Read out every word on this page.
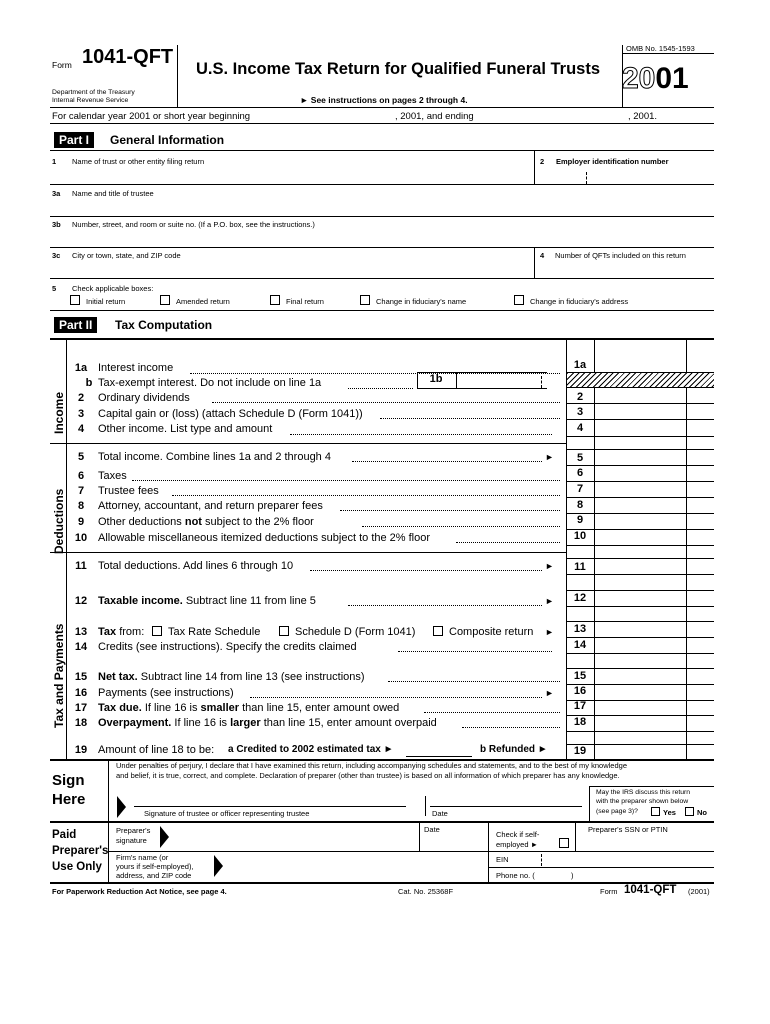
Form 1041-QFT
Department of the Treasury
Internal Revenue Service
U.S. Income Tax Return for Qualified Funeral Trusts
► See instructions on pages 2 through 4.
OMB No. 1545-1593
2001
For calendar year 2001 or short year beginning	, 2001, and ending	, 2001.
Part I	General Information
1 Name of trust or other entity filing return	2 Employer identification number
3a Name and title of trustee
3b Number, street, and room or suite no. (If a P.O. box, see the instructions.)
3c City or town, state, and ZIP code	4 Number of QFTs included on this return
5 Check applicable boxes:
Initial return	Amended return	Final return	Change in fiduciary's name	Change in fiduciary's address
Part II	Tax Computation
Income
Deductions
Tax and Payments
1a Interest income	1a
b Tax-exempt interest. Do not include on line 1a	1b
2	Ordinary dividends	2
3	Capital gain or (loss) (attach Schedule D (Form 1041))	3
4	Other income. List type and amount	4
5	Total income. Combine lines 1a and 2 through 4	►	5
6	Taxes	6
7	Trustee fees	7
8	Attorney, accountant, and return preparer fees	8
9	Other deductions not subject to the 2% floor	9
10 Allowable miscellaneous itemized deductions subject to the 2% floor	10
11	Total deductions. Add lines 6 through 10	►	11
12 Taxable income. Subtract line 11 from line 5	►	12
13 Tax from: Tax Rate Schedule	Schedule D (Form 1041)	Composite return ►	13
14 Credits (see instructions). Specify the credits claimed	14
15 Net tax. Subtract line 14 from line 13 (see instructions)	15
16 Payments (see instructions)	►	16
17 Tax due. If line 16 is smaller than line 15, enter amount owed	17
18 Overpayment. If line 16 is larger than line 15, enter amount overpaid	18
19 Amount of line 18 to be: a Credited to 2002 estimated tax ►	b Refunded ►	19
Sign
Here
Under penalties of perjury, I declare that I have examined this return, including accompanying schedules and statements, and to the best of my knowledge
and belief, it is true, correct, and complete. Declaration of preparer (other than trustee) is based on all information of which preparer has any knowledge.
Signature of trustee or officer representing trustee	Date
May the IRS discuss this return
with the preparer shown below
(see page 3)?	Yes	No
Paid
Preparer's
Use Only
Preparer's
signature
Date
Check if self-
employed ►
Preparer's SSN or PTIN
Firm's name (or
yours if self-employed),
address, and ZIP code
EIN
Phone no. (	)
For Paperwork Reduction Act Notice, see page 4.	Cat. No. 25368F	Form 1041-QFT (2001)
